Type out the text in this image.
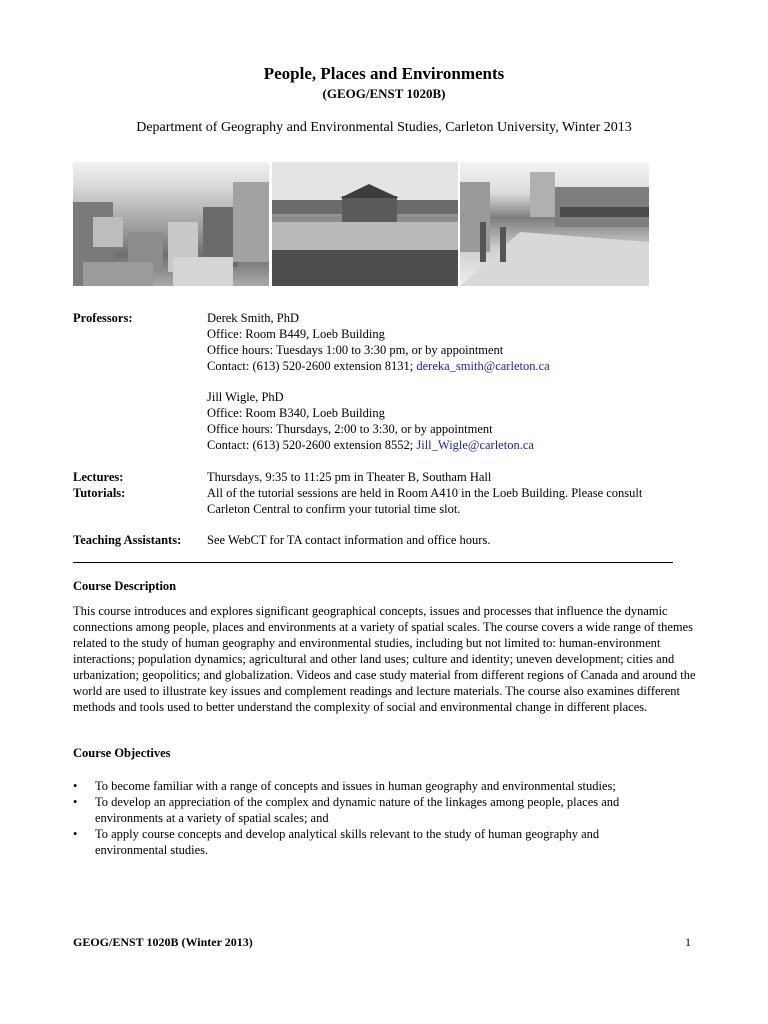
People, Places and Environments
(GEOG/ENST 1020B)
Department of Geography and Environmental Studies, Carleton University, Winter 2013
Professors:	Derek Smith, PhD
Office: Room B449, Loeb Building
Office hours: Tuesdays 1:00 to 3:30 pm, or by appointment
Contact: (613) 520-2600 extension 8131; dereka_smith@carleton.ca
Jill Wigle, PhD
Office: Room B340, Loeb Building
Office hours: Thursdays, 2:00 to 3:30, or by appointment
Contact: (613) 520-2600 extension 8552; Jill_Wigle@carleton.ca
Lectures:	Thursdays, 9:35 to 11:25 pm in Theater B, Southam Hall
Tutorials:	All of the tutorial sessions are held in Room A410 in the Loeb Building. Please consult
Carleton Central to confirm your tutorial time slot.
Teaching Assistants: See WebCT for TA contact information and office hours.
Course Description
This course introduces and explores significant geographical concepts, issues and processes that influence the dynamic connections among people, places and environments at a variety of spatial scales. The course covers a wide range of themes related to the study of human geography and environmental studies, including but not limited to: human-environment interactions; population dynamics; agricultural and other land uses; culture and identity; uneven development; cities and urbanization; geopolitics; and globalization. Videos and case study material from different regions of Canada and around the world are used to illustrate key issues and complement readings and lecture materials. The course also examines different methods and tools used to better understand the complexity of social and environmental change in different places.
Course Objectives
• To become familiar with a range of concepts and issues in human geography and environmental studies;
• To develop an appreciation of the complex and dynamic nature of the linkages among people, places and environments at a variety of spatial scales; and
• To apply course concepts and develop analytical skills relevant to the study of human geography and environmental studies.
GEOG/ENST 1020B (Winter 2013)	1
